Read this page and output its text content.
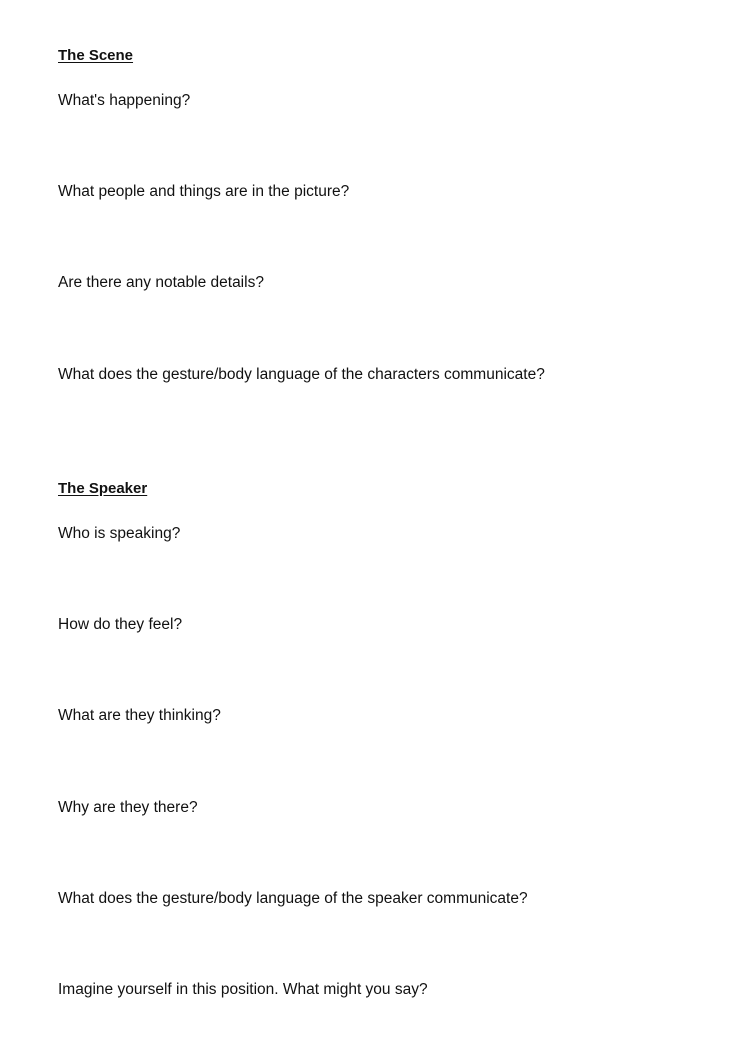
The Scene
What's happening?
What people and things are in the picture?
Are there any notable details?
What does the gesture/body language of the characters communicate?
The Speaker
Who is speaking?
How do they feel?
What are they thinking?
Why are they there?
What does the gesture/body language of the speaker communicate?
Imagine yourself in this position. What might you say?
